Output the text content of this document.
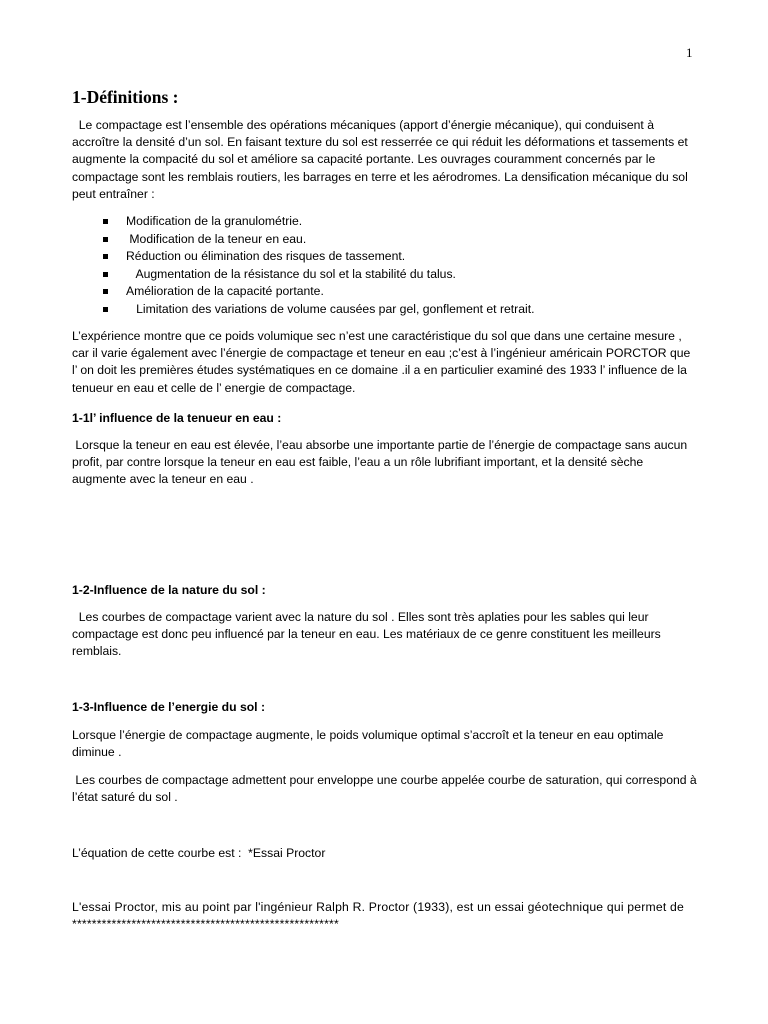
1
1-Définitions :

Le compactage est l’ensemble des opérations mécaniques (apport d’énergie mécanique), qui conduisent à accroître la densité d’un sol. En faisant texture du sol est resserrée ce qui réduit les déformations et tassements et augmente la compacité du sol et améliore sa capacité portante. Les ouvrages couramment concernés par le compactage sont les remblais routiers, les barrages en terre et les aérodromes. La densification mécanique du sol peut entraîner :

Modification de la granulométrie.
Modification de la teneur en eau.
Réduction ou élimination des risques de tassement.
Augmentation de la résistance du sol et la stabilité du talus.
Amélioration de la capacité portante.
Limitation des variations de volume causées par gel, gonflement et retrait.

L’expérience montre que ce poids volumique sec n’est une caractéristique du sol que dans une certaine mesure , car il varie également avec l’énergie de compactage et teneur en eau ;c’est à l’ingénieur américain PORCTOR que l’ on doit les premières études systématiques en ce domaine .il a en particulier examiné des 1933 l’ influence de la tenueur en eau et celle de l’ energie de compactage.

1-1l’ influence de la tenueur en eau :

Lorsque la teneur en eau est élevée, l’eau absorbe une importante partie de l’énergie de compactage sans aucun profit, par contre lorsque la teneur en eau est faible, l’eau a un rôle lubrifiant important, et la densité sèche augmente avec la teneur en eau .

1-2-Influence de la nature du sol :

Les courbes de compactage varient avec la nature du sol . Elles sont très aplaties pour les sables qui leur compactage est donc peu influencé par la teneur en eau. Les matériaux de ce genre constituent les meilleurs remblais.

1-3-Influence de l’energie du sol :

Lorsque l’énergie de compactage augmente, le poids volumique optimal s’accroît et la teneur en eau optimale diminue .

Les courbes de compactage admettent pour enveloppe une courbe appelée courbe de saturation, qui correspond à l’état saturé du sol .

L’équation de cette courbe est :  *Essai Proctor

L'essai Proctor, mis au point par l'ingénieur Ralph R. Proctor (1933), est un essai géotechnique qui permet de ******************************************************
